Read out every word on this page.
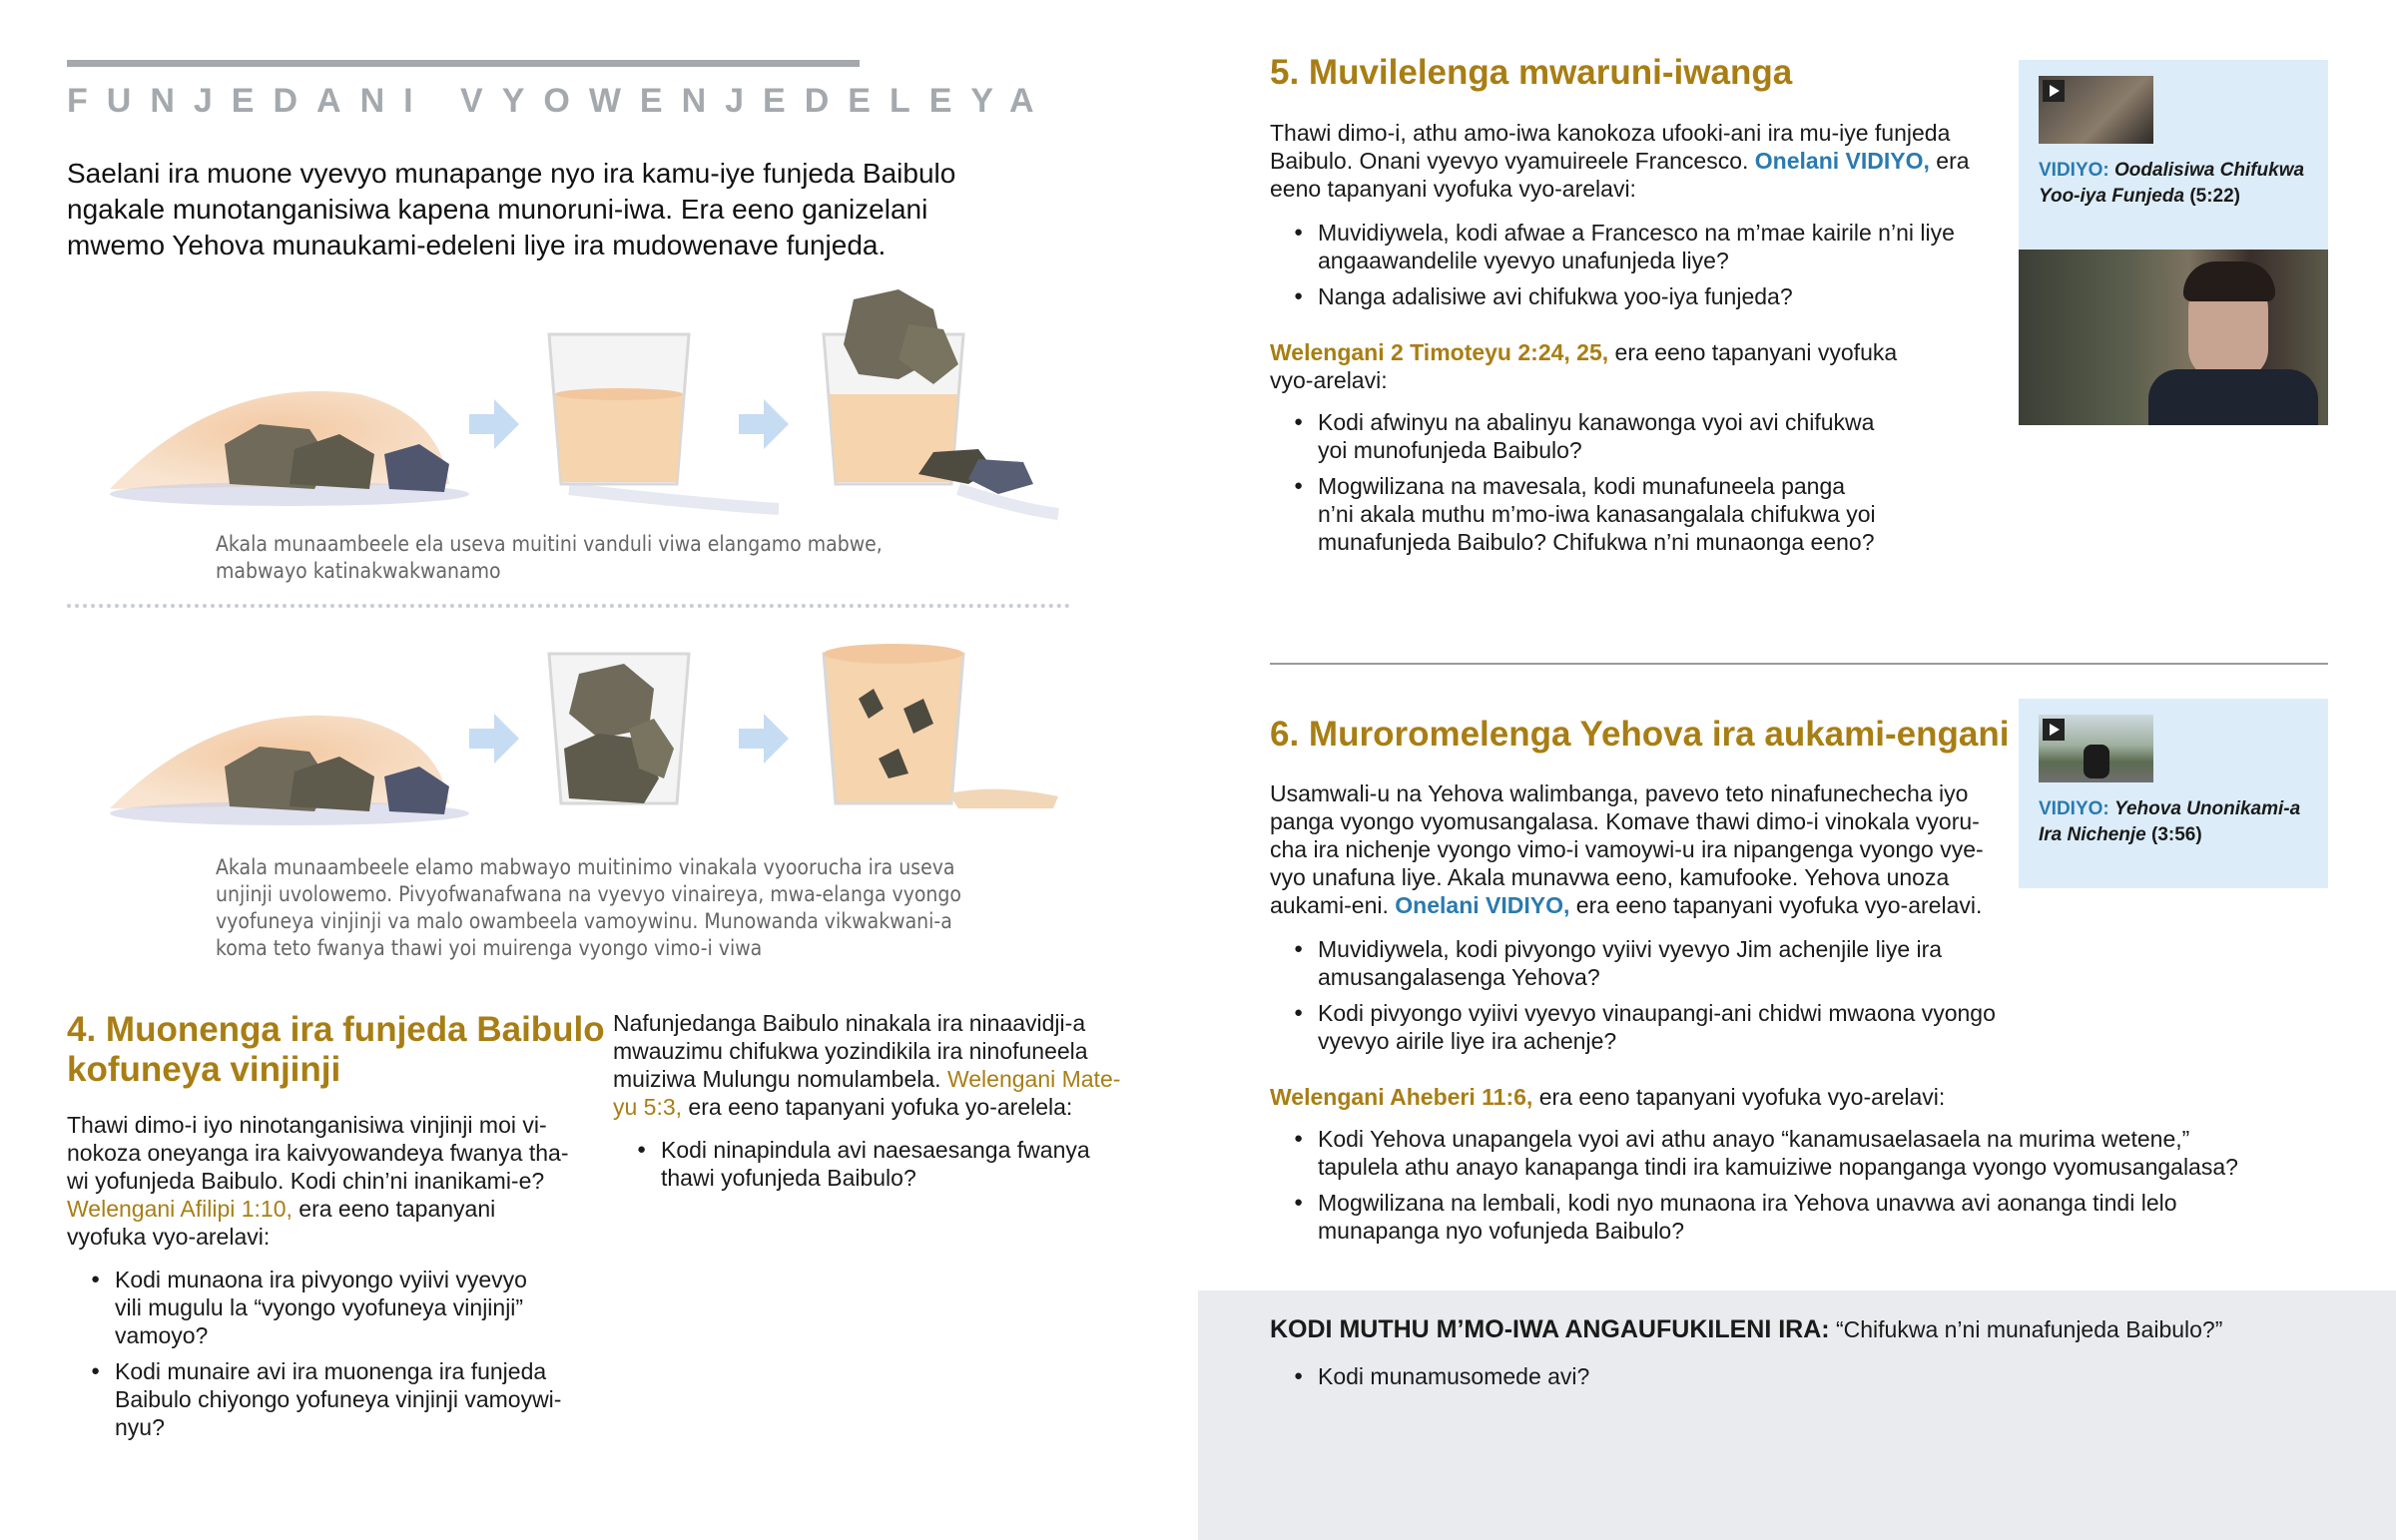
FUNJEDANI VYOWENJEDELEYA
Saelani ira muone vyevyo munapange nyo ira kamu-iye funjeda Baibulo
ngakale munotanganisiwa kapena munoruni-iwa. Era eeno ganizelani
mwemo Yehova munaukami-edeleni liye ira mudowenave funjeda.
Akala munaambeele ela useva muitini vanduli viwa elangamo mabwe,
mabwayo katinakwakwanamo
Akala munaambeele elamo mabwayo muitinimo vinakala vyoorucha ira useva
unjinji uvolowemo. Pivyofwanafwana na vyevyo vinaireya, mwa-elanga vyongo
vyofuneya vinjinji va malo owambeela vamoywinu. Munowanda vikwakwani-a
koma teto fwanya thawi yoi muirenga vyongo vimo-i viwa
4. Muonenga ira funjeda Baibulo
kofuneya vinjinji
Thawi dimo-i iyo ninotanganisiwa vinjinji moi vi-
nokoza oneyanga ira kaivyowandeya fwanya tha-
wi yofunjeda Baibulo. Kodi chin’ni inanikami-e?
Welengani Afilipi 1:10, era eeno tapanyani
vyofuka vyo-arelavi:
● Kodi munaona ira pivyongo vyiivi vyevyo
vili mugulu la “vyongo vyofuneya vinjinji”
vamoyo?
● Kodi munaire avi ira muonenga ira funjeda
Baibulo chiyongo yofuneya vinjinji vamoywi-
nyu?
Nafunjedanga Baibulo ninakala ira ninaavidji-a
mwauzimu chifukwa yozindikila ira ninofuneela
muiziwa Mulungu nomulambela. Welengani Mate-
yu 5:3, era eeno tapanyani yofuka yo-arelela:
● Kodi ninapindula avi naesaesanga fwanya
thawi yofunjeda Baibulo?
5. Muvilelenga mwaruni-iwanga
Thawi dimo-i, athu amo-iwa kanokoza ufooki-ani ira mu-iye funjeda
Baibulo. Onani vyevyo vyamuireele Francesco. Onelani VIDIYO, era
eeno tapanyani vyofuka vyo-arelavi:
● Muvidiywela, kodi afwae a Francesco na m’mae kairile n’ni liye
angaawandelile vyevyo unafunjeda liye?
● Nanga adalisiwe avi chifukwa yoo-iya funjeda?
Welengani 2 Timoteyu 2:24, 25, era eeno tapanyani vyofuka
vyo-arelavi:
● Kodi afwinyu na abalinyu kanawonga vyoi avi chifukwa
yoi munofunjeda Baibulo?
● Mogwilizana na mavesala, kodi munafuneela panga
n’ni akala muthu m’mo-iwa kanasangalala chifukwa yoi
munafunjeda Baibulo? Chifukwa n’ni munaonga eeno?
VIDIYO: Oodalisiwa Chifukwa
Yoo-iya Funjeda (5:22)
6. Muroromelenga Yehova ira aukami-engani
Usamwali-u na Yehova walimbanga, pavevo teto ninafunechecha iyo
panga vyongo vyomusangalasa. Komave thawi dimo-i vinokala vyoru-
cha ira nichenje vyongo vimo-i vamoywi-u ira nipangenga vyongo vye-
vyo unafuna liye. Akala munavwa eeno, kamufooke. Yehova unoza
aukami-eni. Onelani VIDIYO, era eeno tapanyani vyofuka vyo-arelavi.
● Muvidiywela, kodi pivyongo vyiivi vyevyo Jim achenjile liye ira
amusangalasenga Yehova?
● Kodi pivyongo vyiivi vyevyo vinaupangi-ani chidwi mwaona vyongo
vyevyo airile liye ira achenje?
Welengani Aheberi 11:6, era eeno tapanyani vyofuka vyo-arelavi:
● Kodi Yehova unapangela vyoi avi athu anayo “kanamusaelasaela na murima wetene,”
tapulela athu anayo kanapanga tindi ira kamuiziwe nopanganga vyongo vyomusangalasa?
● Mogwilizana na lembali, kodi nyo munaona ira Yehova unavwa avi aonanga tindi lelo
munapanga nyo vofunjeda Baibulo?
VIDIYO: Yehova Unonikami-a
Ira Nichenje (3:56)
KODI MUTHU M’MO-IWA ANGAUFUKILENI IRA: “Chifukwa n’ni munafunjeda Baibulo?”
● Kodi munamusomede avi?
